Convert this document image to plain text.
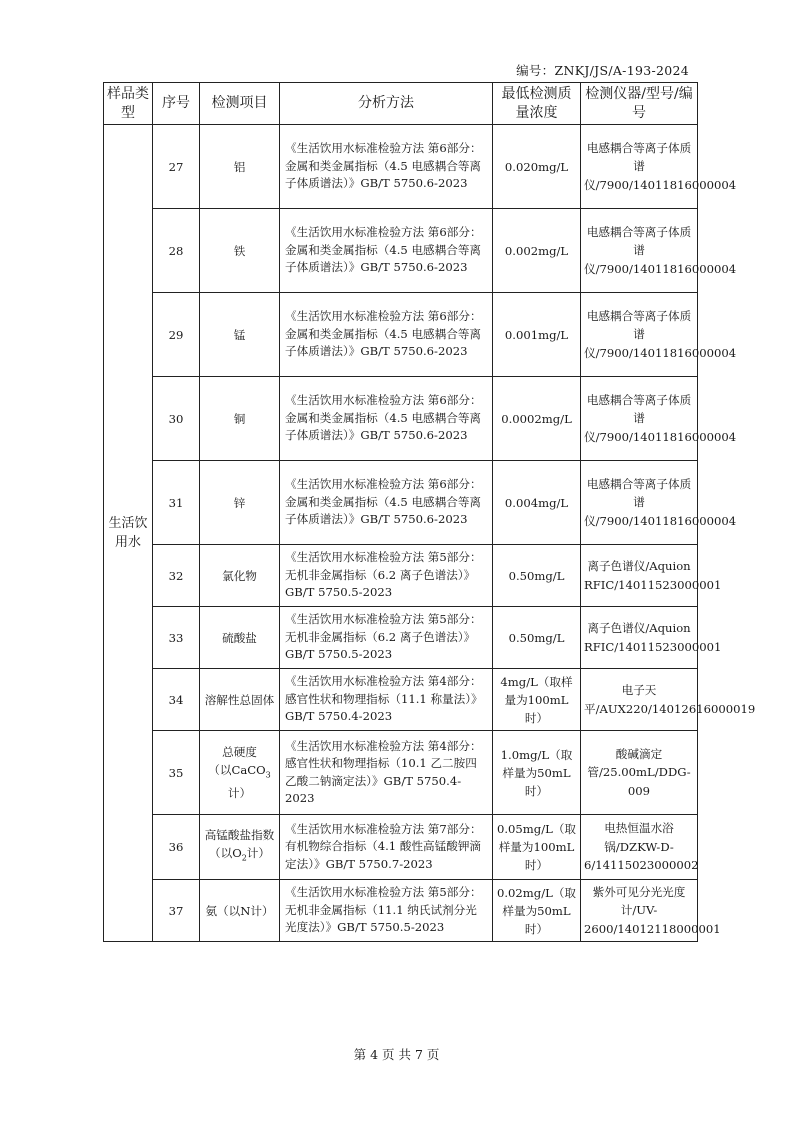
编号：ZNKJ/JS/A-193-2024
样品类型	序号	检测项目	分析方法	最低检测质量浓度	检测仪器/型号/编号
生活饮用水	27	铝	《生活饮用水标准检验方法 第6部分：金属和类金属指标（4.5 电感耦合等离子体质谱法）》GB/T 5750.6-2023	0.020mg/L	电感耦合等离子体质谱仪/7900/14011816000004
	28	铁	《生活饮用水标准检验方法 第6部分：金属和类金属指标（4.5 电感耦合等离子体质谱法）》GB/T 5750.6-2023	0.002mg/L	电感耦合等离子体质谱仪/7900/14011816000004
	29	锰	《生活饮用水标准检验方法 第6部分：金属和类金属指标（4.5 电感耦合等离子体质谱法）》GB/T 5750.6-2023	0.001mg/L	电感耦合等离子体质谱仪/7900/14011816000004
	30	铜	《生活饮用水标准检验方法 第6部分：金属和类金属指标（4.5 电感耦合等离子体质谱法）》GB/T 5750.6-2023	0.0002mg/L	电感耦合等离子体质谱仪/7900/14011816000004
	31	锌	《生活饮用水标准检验方法 第6部分：金属和类金属指标（4.5 电感耦合等离子体质谱法）》GB/T 5750.6-2023	0.004mg/L	电感耦合等离子体质谱仪/7900/14011816000004
	32	氯化物	《生活饮用水标准检验方法 第5部分：无机非金属指标（6.2 离子色谱法）》GB/T 5750.5-2023	0.50mg/L	离子色谱仪/Aquion RFIC/14011523000001
	33	硫酸盐	《生活饮用水标准检验方法 第5部分：无机非金属指标（6.2 离子色谱法）》GB/T 5750.5-2023	0.50mg/L	离子色谱仪/Aquion RFIC/14011523000001
	34	溶解性总固体	《生活饮用水标准检验方法 第4部分：感官性状和物理指标（11.1 称量法）》GB/T 5750.4-2023	4mg/L（取样量为100mL时）	电子天平/AUX220/14012616000019
	35	总硬度
（以CaCO$_3$
计）	《生活饮用水标准检验方法 第4部分：感官性状和物理指标（10.1 乙二胺四乙酸二钠滴定法）》GB/T 5750.4-2023	1.0mg/L（取样量为50mL时）	酸碱滴定管/25.00mL/DDG-009
	36	高锰酸盐指数
（以$O_2$计）	《生活饮用水标准检验方法 第7部分：有机物综合指标（4.1 酸性高锰酸钾滴定法）》GB/T 5750.7-2023	0.05mg/L（取样量为100mL时）	电热恒温水浴锅/DZKW-D-6/14115023000002
	37	氨（以N计）	《生活饮用水标准检验方法 第5部分：无机非金属指标（11.1 纳氏试剂分光光度法）》GB/T 5750.5-2023	0.02mg/L（取样量为50mL时）	紫外可见分光光度计/UV-2600/14012118000001
第 4 页 共 7 页
